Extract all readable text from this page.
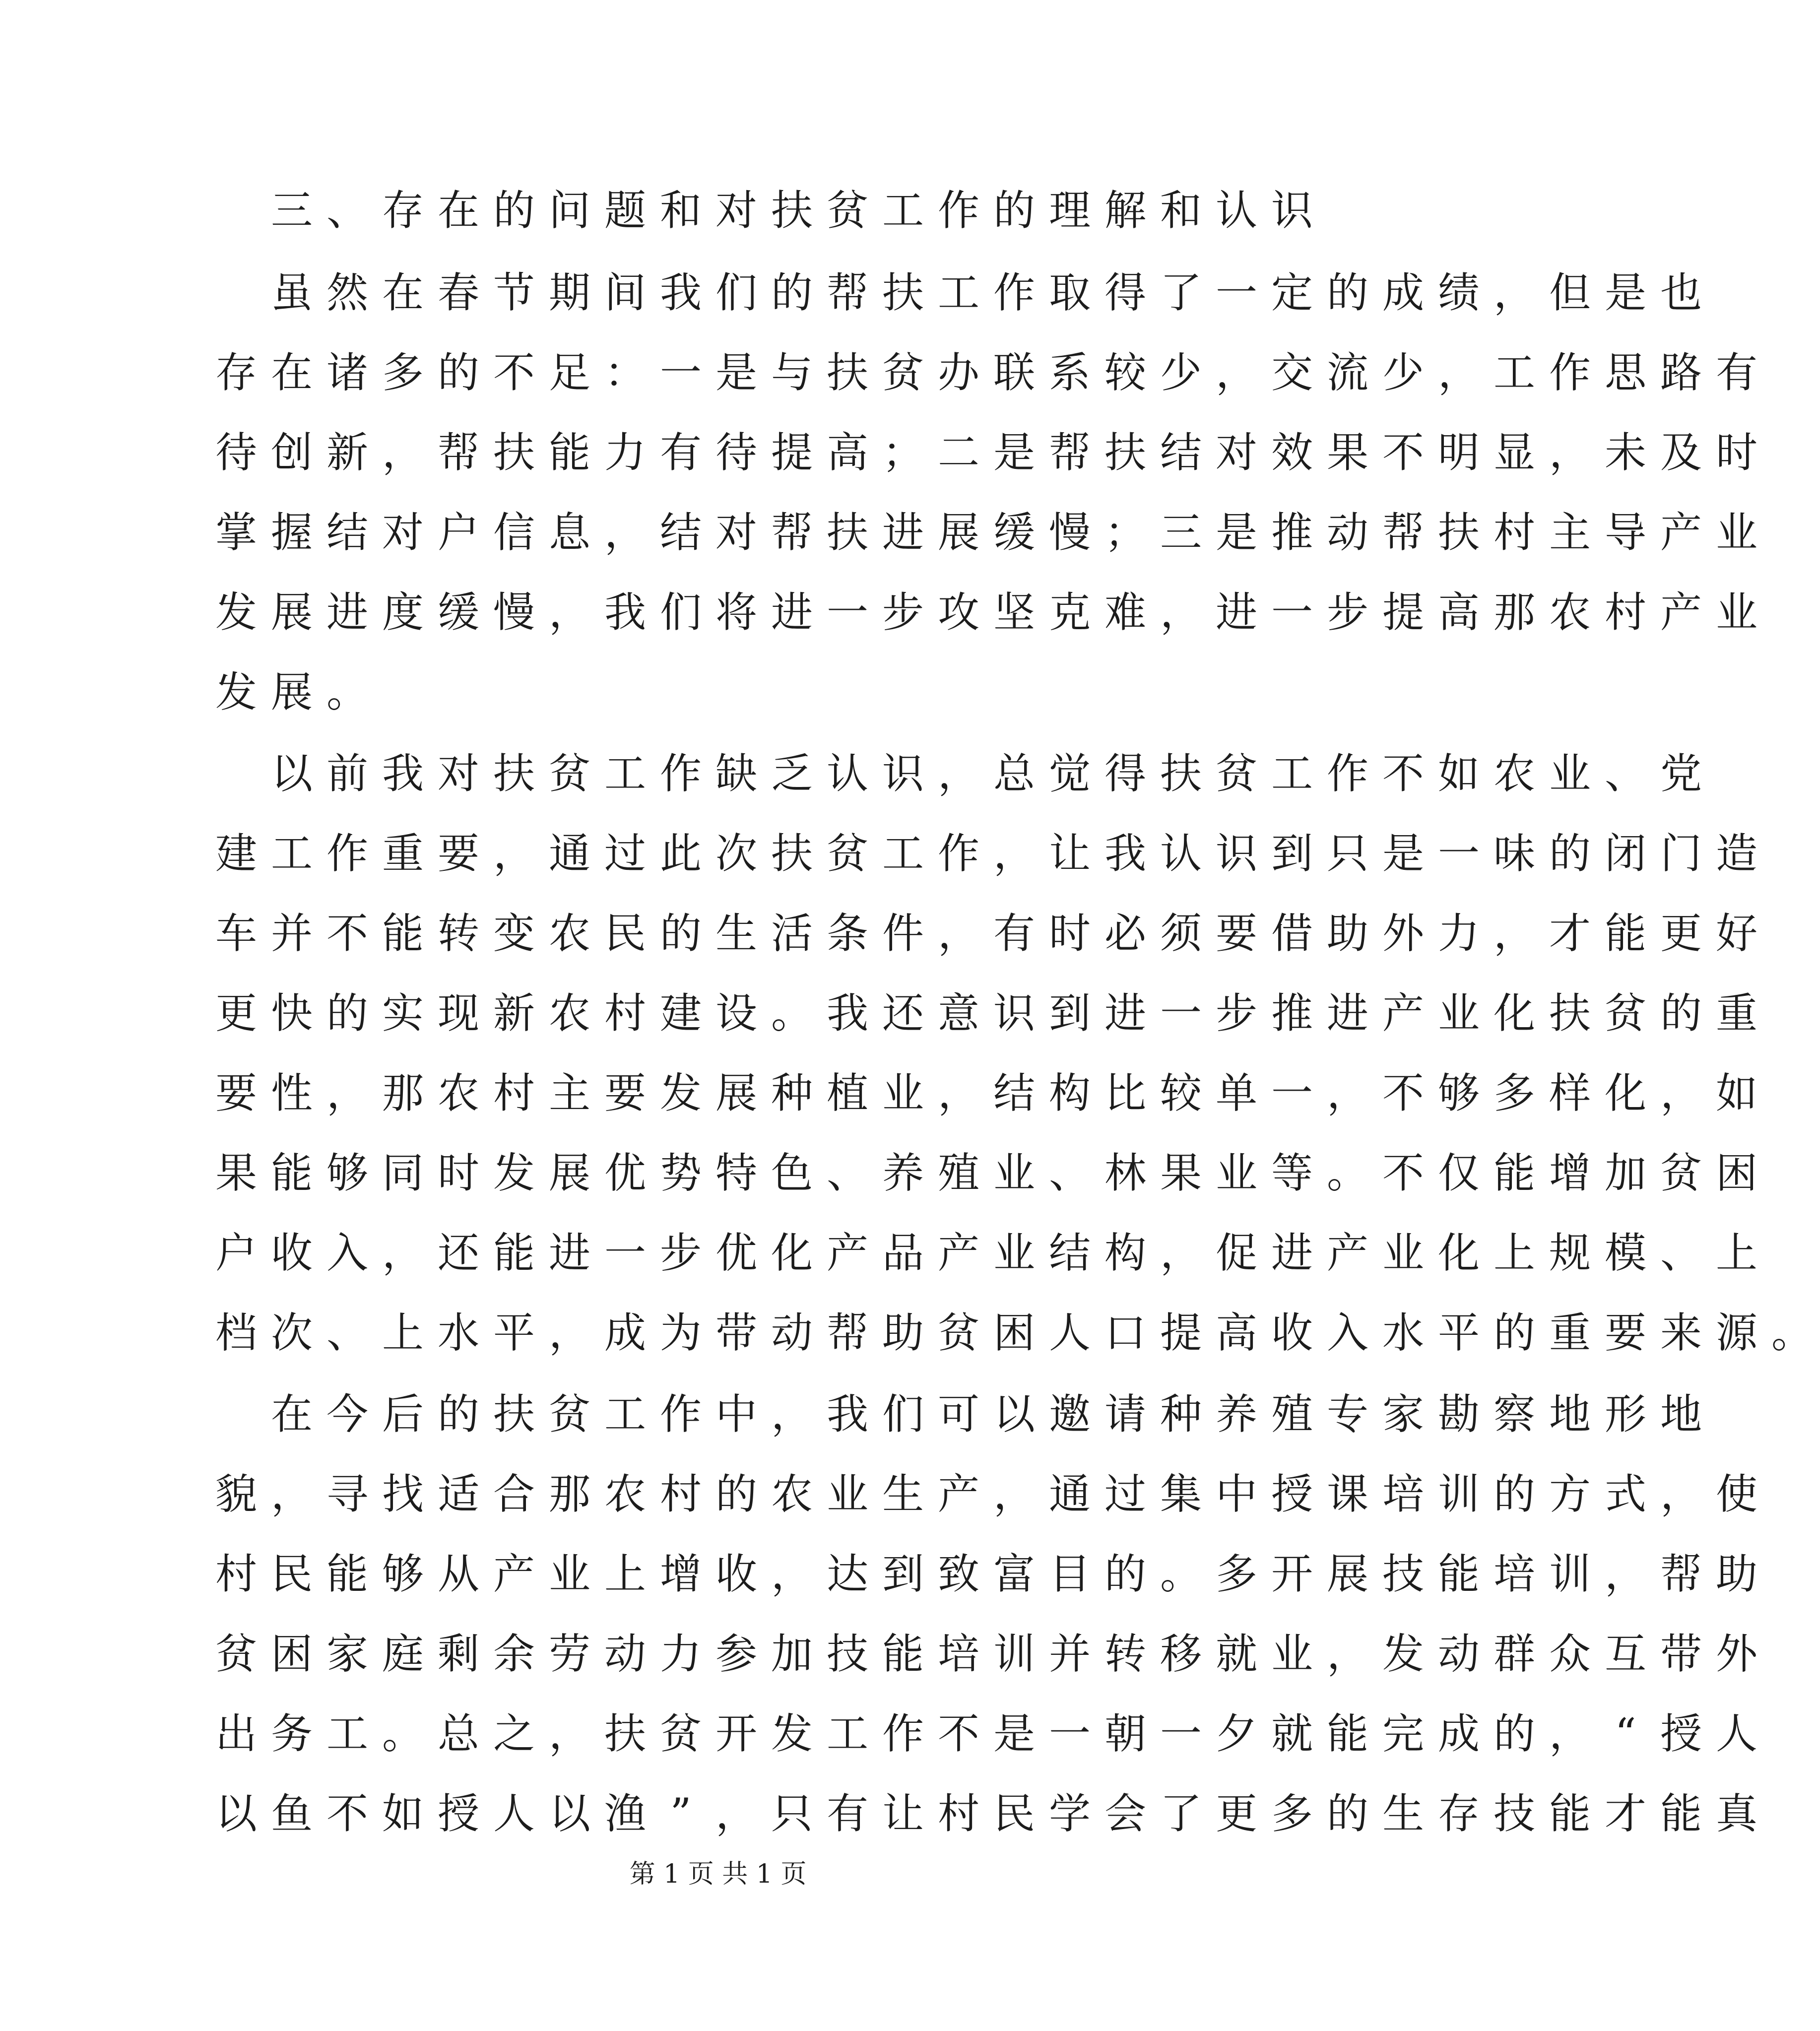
三 、 存 在 的 问 题 和 对 扶 贫 工 作 的 理 解 和 认 识

虽 然 在 春 节 期 间 我 们 的 帮 扶 工 作 取 得 了 一 定 的 成 绩 ， 但 是 也
存 在 诸 多 的 不 足 ： 一 是 与 扶 贫 办 联 系 较 少 ， 交 流 少 ， 工 作 思 路 有
待 创 新 ， 帮 扶 能 力 有 待 提 高 ； 二 是 帮 扶 结 对 效 果 不 明 显 ， 未 及 时
掌 握 结 对 户 信 息 ， 结 对 帮 扶 进 展 缓 慢 ； 三 是 推 动 帮 扶 村 主 导 产 业
发 展 进 度 缓 慢 ， 我 们 将 进 一 步 攻 坚 克 难 ， 进 一 步 提 高 那 农 村 产 业
发 展 。

以 前 我 对 扶 贫 工 作 缺 乏 认 识 ， 总 觉 得 扶 贫 工 作 不 如 农 业 、 党
建 工 作 重 要 ， 通 过 此 次 扶 贫 工 作 ， 让 我 认 识 到 只 是 一 味 的 闭 门 造
车 并 不 能 转 变 农 民 的 生 活 条 件 ， 有 时 必 须 要 借 助 外 力 ， 才 能 更 好
更 快 的 实 现 新 农 村 建 设 。 我 还 意 识 到 进 一 步 推 进 产 业 化 扶 贫 的 重
要 性 ， 那 农 村 主 要 发 展 种 植 业 ， 结 构 比 较 单 一 ， 不 够 多 样 化 ， 如
果 能 够 同 时 发 展 优 势 特 色 、 养 殖 业 、 林 果 业 等 。 不 仅 能 增 加 贫 困
户 收 入 ， 还 能 进 一 步 优 化 产 品 产 业 结 构 ， 促 进 产 业 化 上 规 模 、 上
档 次 、 上 水 平 ， 成 为 带 动 帮 助 贫 困 人 口 提 高 收 入 水 平 的 重 要 来 源 。

在 今 后 的 扶 贫 工 作 中 ， 我 们 可 以 邀 请 种 养 殖 专 家 勘 察 地 形 地
貌 ， 寻 找 适 合 那 农 村 的 农 业 生 产 ， 通 过 集 中 授 课 培 训 的 方 式 ， 使
村 民 能 够 从 产 业 上 增 收 ， 达 到 致 富 目 的 。 多 开 展 技 能 培 训 ， 帮 助
贫 困 家 庭 剩 余 劳 动 力 参 加 技 能 培 训 并 转 移 就 业 ， 发 动 群 众 互 带 外
出 务 工 。 总 之 ， 扶 贫 开 发 工 作 不 是 一 朝 一 夕 就 能 完 成 的 ， “ 授 人
以 鱼 不 如 授 人 以 渔 ” ， 只 有 让 村 民 学 会 了 更 多 的 生 存 技 能 才 能 真
第 1 页 共 1 页
